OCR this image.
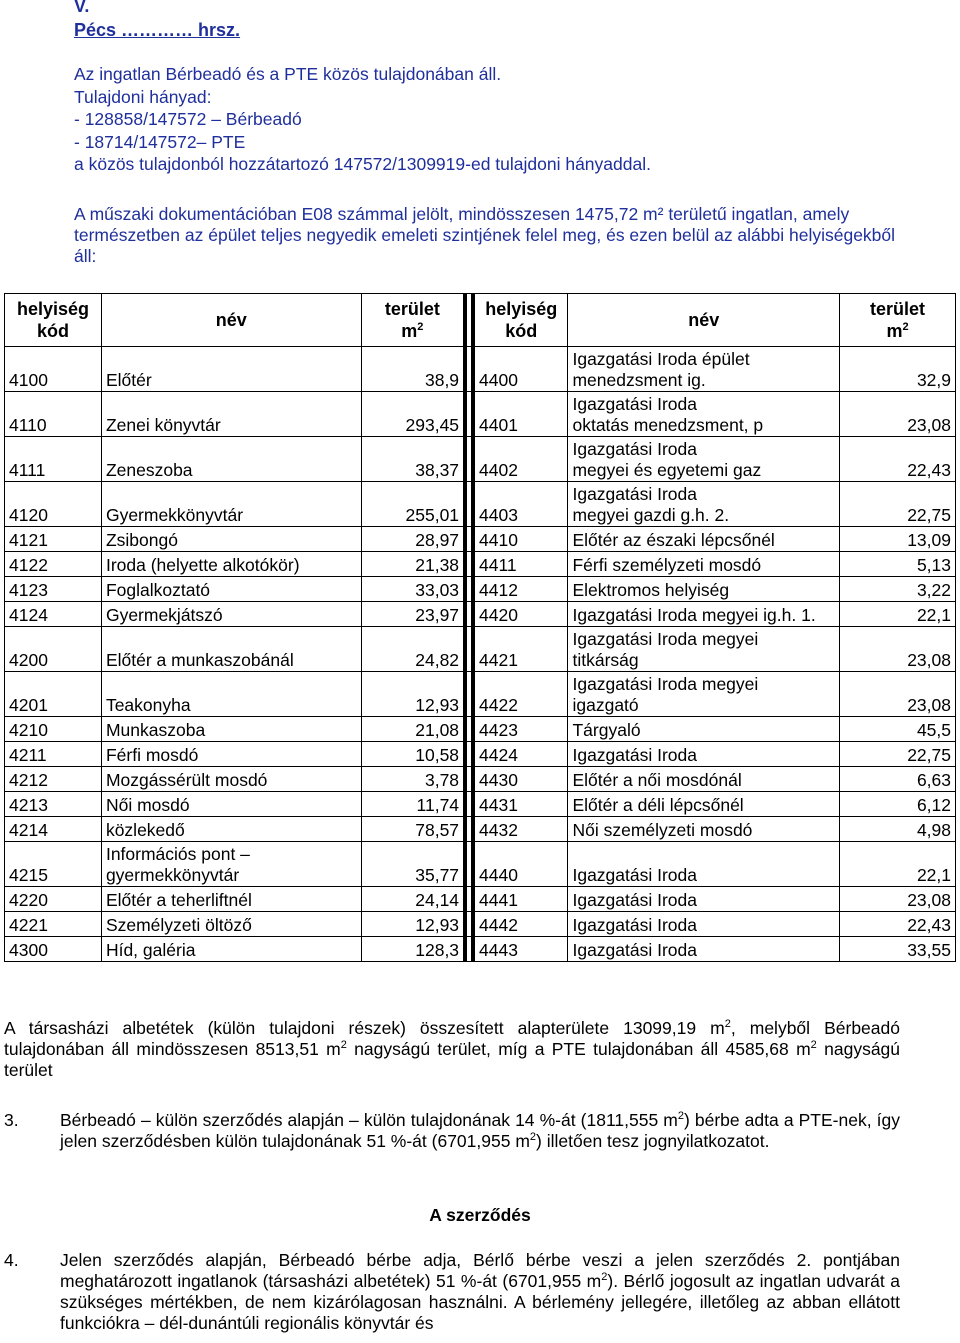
V.
Pécs ………… hrsz.
Az ingatlan Bérbeadó és a PTE közös tulajdonában áll.
Tulajdoni hányad:
- 128858/147572 – Bérbeadó
- 18714/147572– PTE
a közös tulajdonból hozzátartozó 147572/1309919-ed tulajdoni hányaddal.
A műszaki dokumentációban E08 számmal jelölt, mindösszesen 1475,72 m² területű ingatlan, amely természetben az épület teljes negyedik emeleti szintjének felel meg, és ezen belül az alábbi helyiségekből áll:
helyiség
kód	név	terület
$m^2$		helyiség
kód	név	terület
$m^2$
4100	Előtér	38,9		4400	Igazgatási Iroda épület
menedzsment ig.	32,9
4110	Zenei könyvtár	293,45		4401	Igazgatási Iroda
oktatás menedzsment, p	23,08
4111	Zeneszoba	38,37		4402	Igazgatási Iroda
megyei és egyetemi gaz	22,43
4120	Gyermekkönyvtár	255,01		4403	Igazgatási Iroda
megyei gazdi g.h. 2.	22,75
4121	Zsibongó	28,97		4410	Előtér az északi lépcsőnél	13,09
4122	Iroda (helyette alkotókör)	21,38		4411	Férfi személyzeti mosdó	5,13
4123	Foglalkoztató	33,03		4412	Elektromos helyiség	3,22
4124	Gyermekjátszó	23,97		4420	Igazgatási Iroda megyei ig.h. 1.	22,1
4200	Előtér a munkaszobánál	24,82		4421	Igazgatási Iroda megyei
titkárság	23,08
4201	Teakonyha	12,93		4422	Igazgatási Iroda megyei
igazgató	23,08
4210	Munkaszoba	21,08		4423	Tárgyaló	45,5
4211	Férfi mosdó	10,58		4424	Igazgatási Iroda	22,75
4212	Mozgássérült mosdó	3,78		4430	Előtér a női mosdónál	6,63
4213	Női mosdó	11,74		4431	Előtér a déli lépcsőnél	6,12
4214	közlekedő	78,57		4432	Női személyzeti mosdó	4,98
4215	Információs pont –
gyermekkönyvtár	35,77		4440	Igazgatási Iroda	22,1
4220	Előtér a teherliftnél	24,14		4441	Igazgatási Iroda	23,08
4221	Személyzeti öltöző	12,93		4442	Igazgatási Iroda	22,43
4300	Híd, galéria	128,3		4443	Igazgatási Iroda	33,55
A társasházi albetétek (külön tulajdoni részek) összesített alapterülete 13099,19 $m^2$, melyből Bérbeadó tulajdonában áll mindösszesen 8513,51 $m^2$ nagyságú terület, míg a PTE tulajdonában áll 4585,68 $m^2$ nagyságú terület
3. Bérbeadó – külön szerződés alapján – külön tulajdonának 14 %-át (1811,555 $m^2$) bérbe adta a PTE-nek, így jelen szerződésben külön tulajdonának 51 %-át (6701,955 $m^2$) illetően tesz jognyilatkozatot.
A szerződés
4. Jelen szerződés alapján, Bérbeadó bérbe adja, Bérlő bérbe veszi a jelen szerződés 2. pontjában meghatározott ingatlanok (társasházi albetétek) 51 %-át (6701,955 $m^2$). Bérlő jogosult az ingatlan udvarát a szükséges mértékben, de nem kizárólagosan használni. A bérlemény jellegére, illetőleg az abban ellátott funkciókra – dél-dunántúli regionális könyvtár és
